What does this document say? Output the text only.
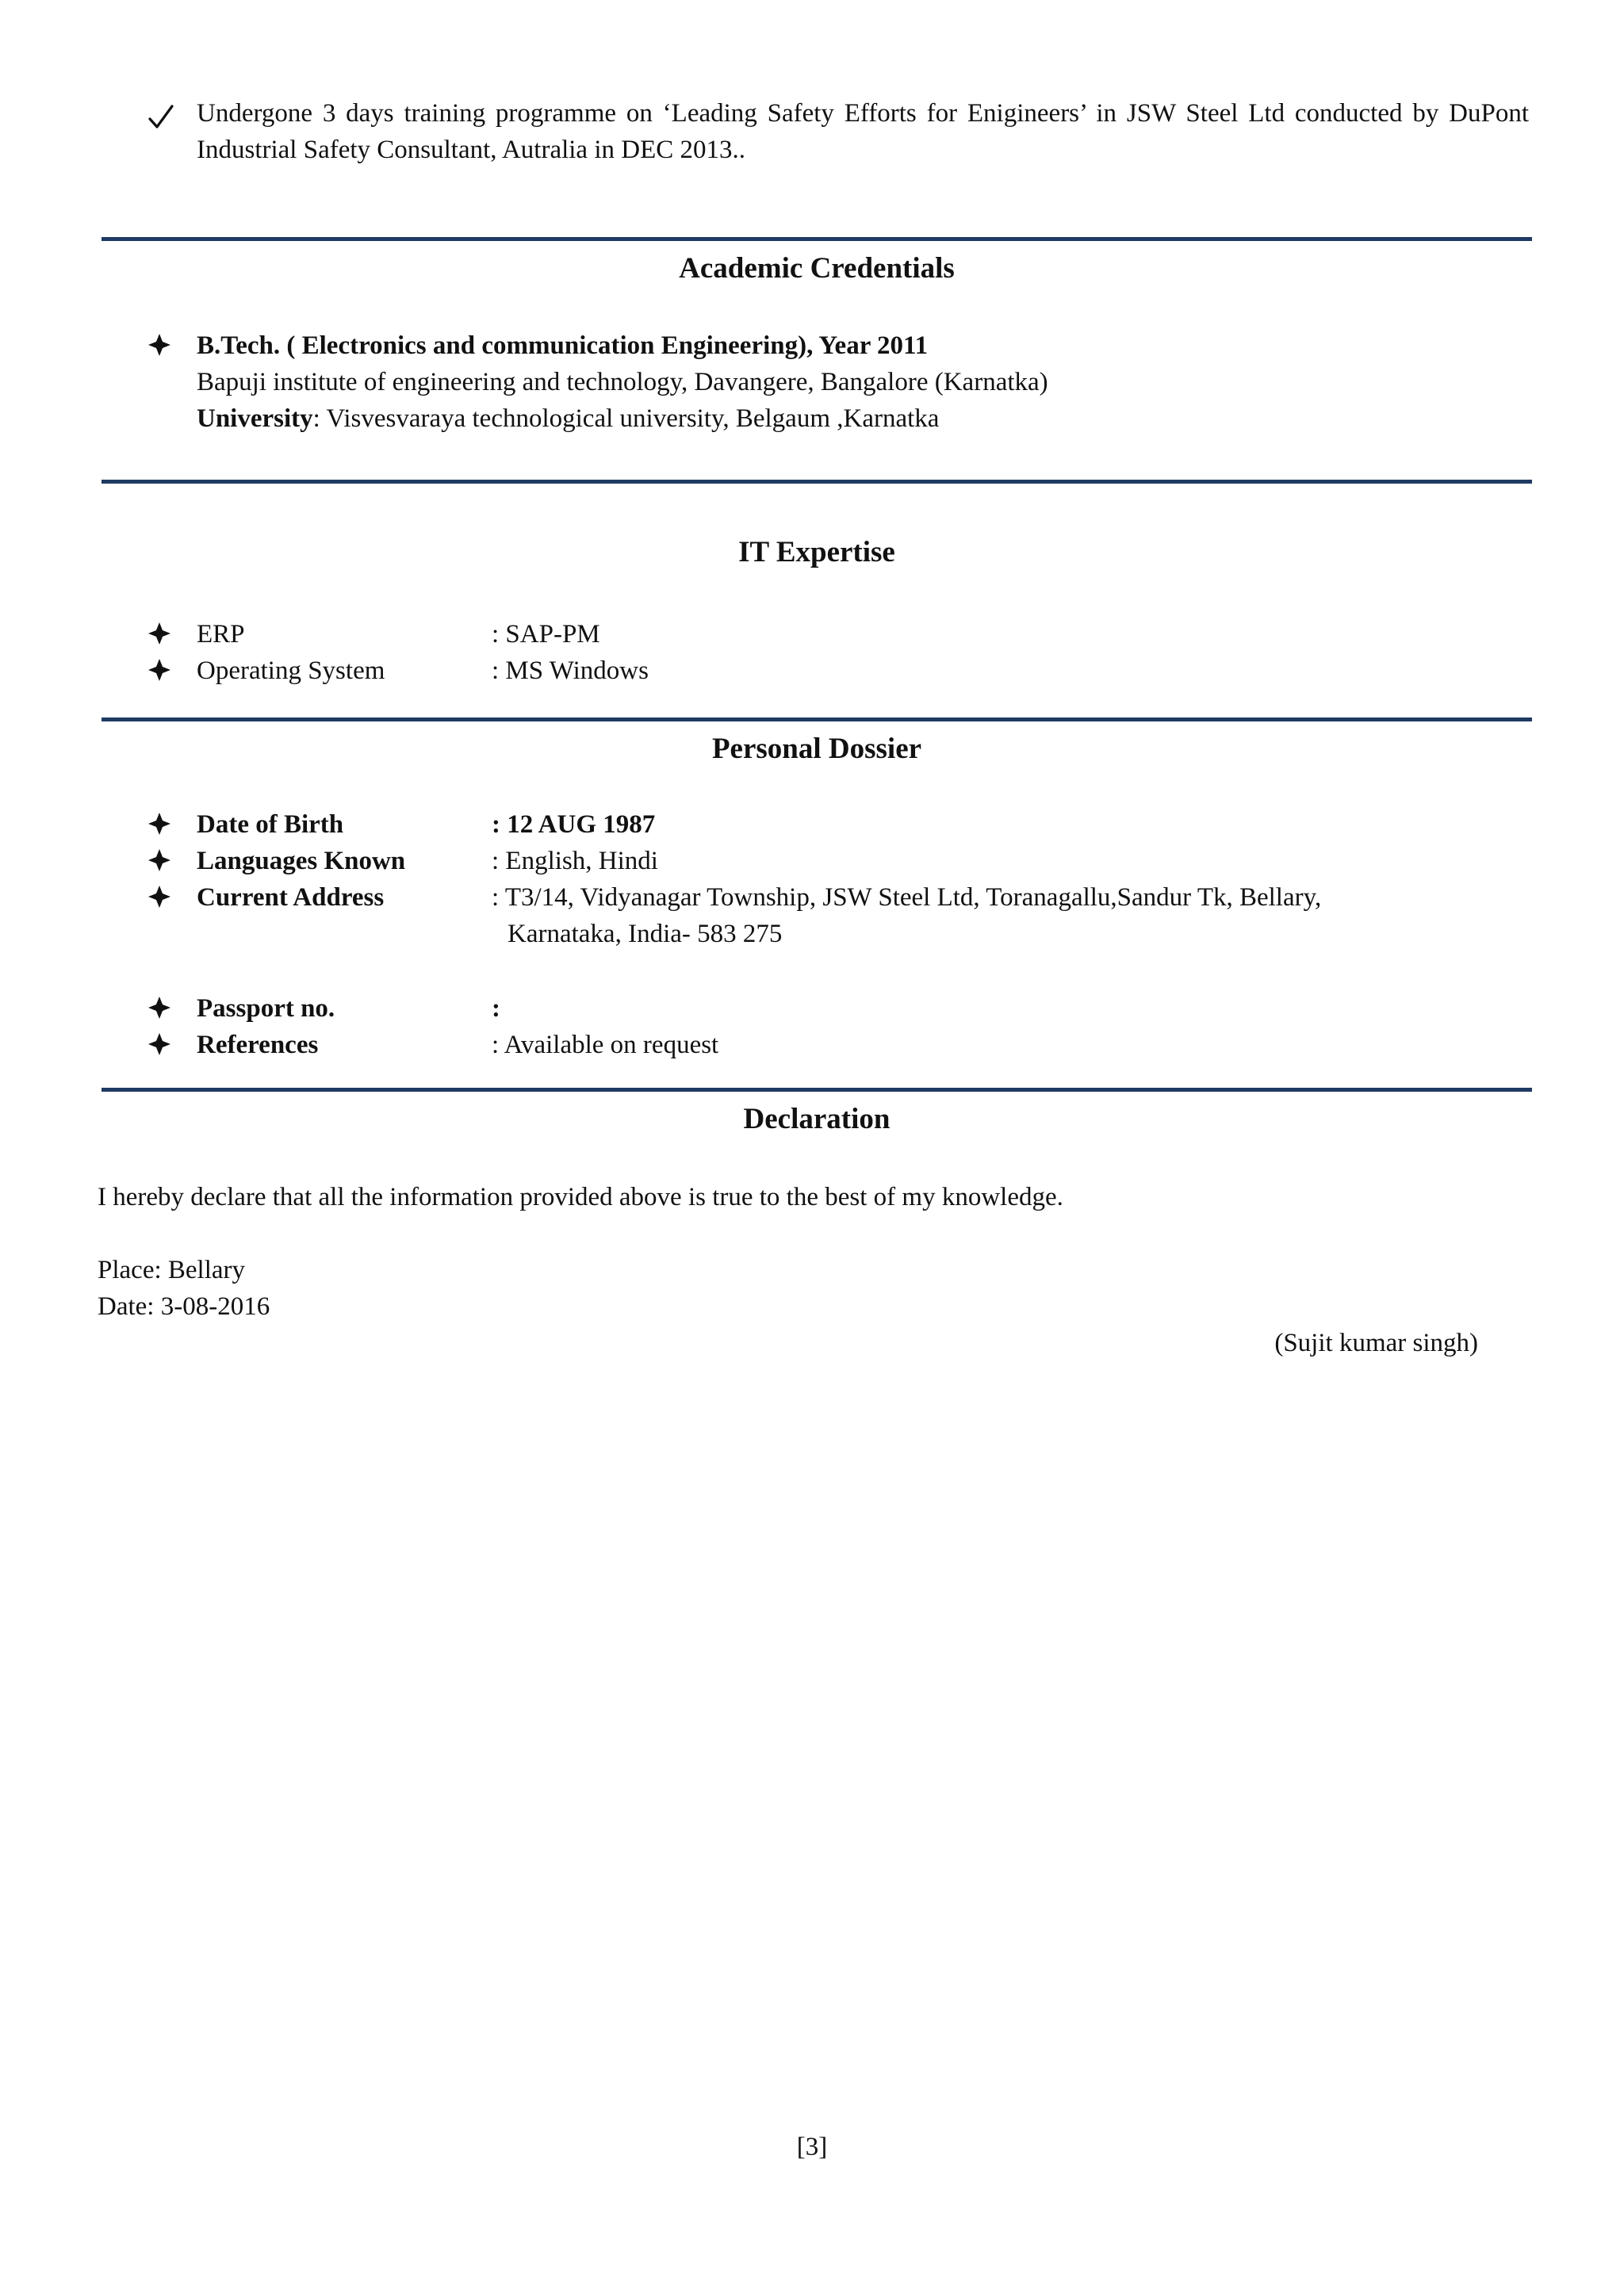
Undergone 3 days training programme on ‘Leading Safety Efforts for Enigineers’ in JSW Steel Ltd conducted by DuPont Industrial Safety Consultant, Autralia in DEC 2013..
Academic Credentials
B.Tech. ( Electronics and communication Engineering), Year 2011
Bapuji institute of engineering and technology, Davangere, Bangalore (Karnatka)
University: Visvesvaraya technological university, Belgaum ,Karnatka
IT Expertise
ERP	: SAP-PM
Operating System	: MS Windows
Personal Dossier
Date of Birth	: 12 AUG 1987
Languages Known	: English, Hindi
Current Address	: T3/14, Vidyanagar Township, JSW Steel Ltd, Toranagallu,Sandur Tk, Bellary,
Karnataka, India- 583 275
Passport no.	:
References	: Available on request
Declaration
I hereby declare that all the information provided above is true to the best of my knowledge.
Place: Bellary
Date: 3-08-2016
(Sujit kumar singh)
[3]
